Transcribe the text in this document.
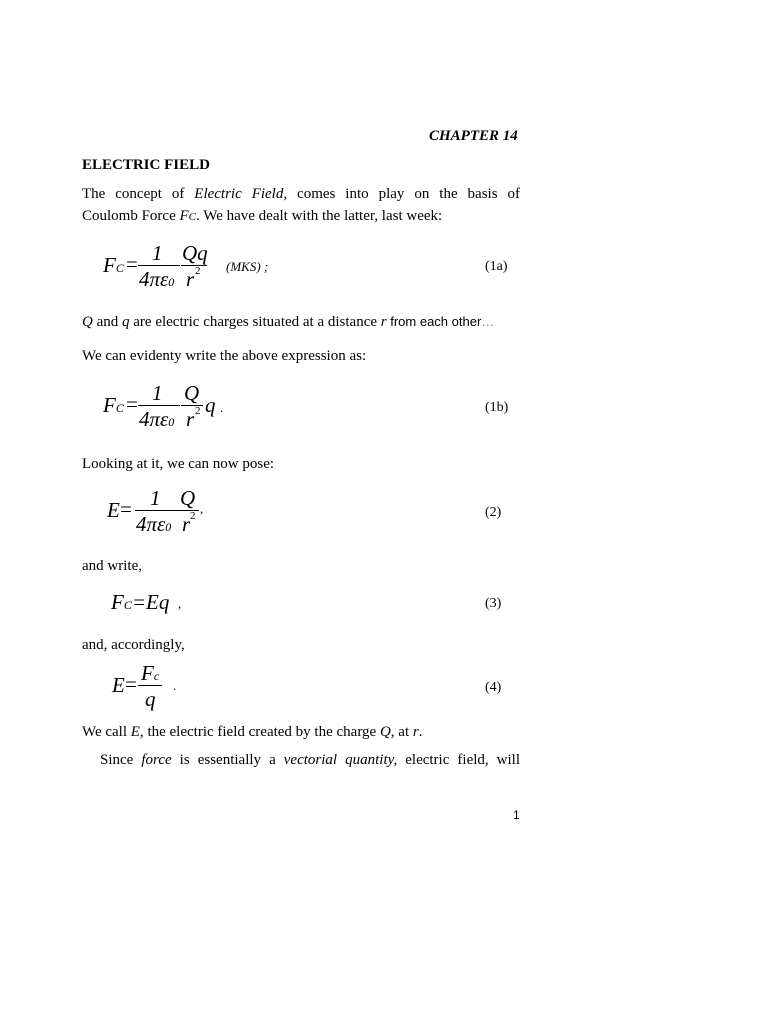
CHAPTER 14
ELECTRIC FIELD
The concept of Electric Field, comes into play on the basis of
Coulomb Force FC. We have dealt with the latter, last week:
FC = 1
4πε0
Qq
r 2 (MKS) ;	(1a)
Q and q are electric charges situated at a distance r from each other…
We can evidenty write the above expression as:
FC = 1
4πε0
Q
r 2 q .	(1b)
Looking at it, we can now pose:
E = 1
4πε0
Q
r 2 ,	(2)
and write,
FC=Eq ,	(3)
and, accordingly,
E = Fc
q
.	(4)
We call E, the electric field created by the charge Q, at r.
Since force is essentially a vectorial quantity, electric field, will
1
